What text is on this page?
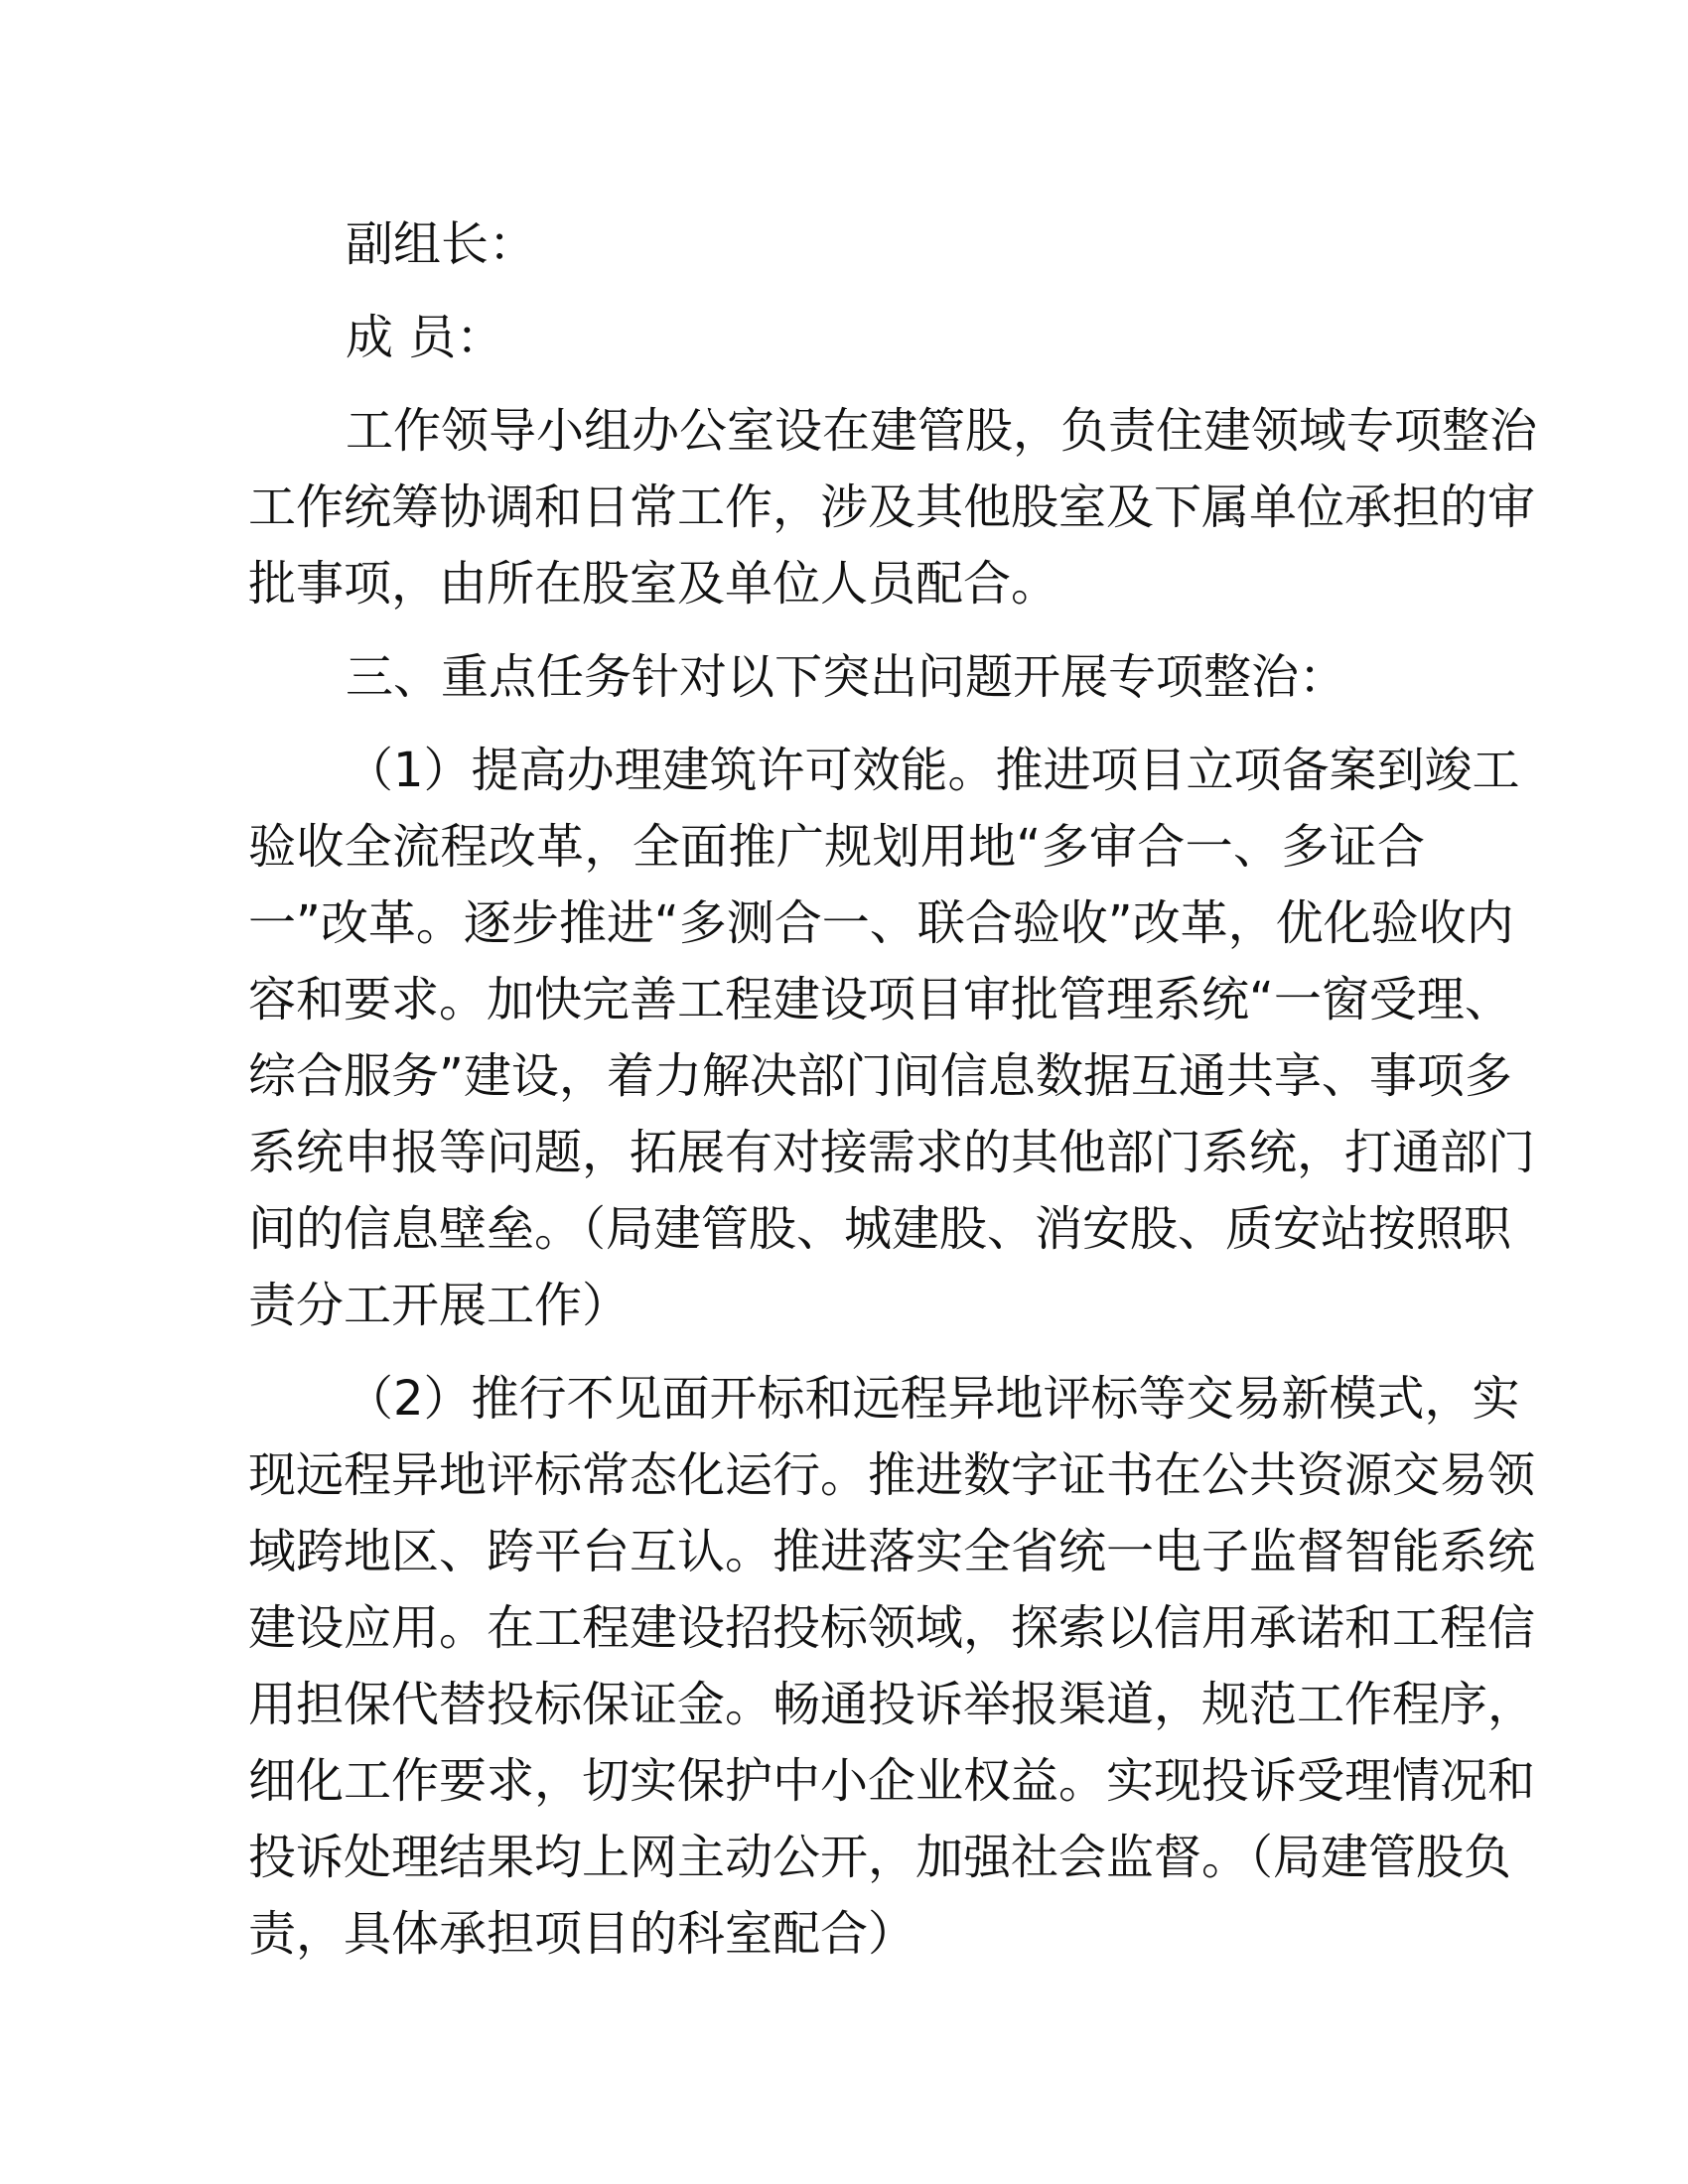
副组长：
成 员：
工作领导小组办公室设在建管股，负责住建领域专项整治
工作统筹协调和日常工作，涉及其他股室及下属单位承担的审
批事项，由所在股室及单位人员配合。
三、重点任务针对以下突出问题开展专项整治：
（1）提高办理建筑许可效能。推进项目立项备案到竣工
验收全流程改革，全面推广规划用地“多审合一、多证合
一”改革。逐步推进“多测合一、联合验收”改革，优化验收内
容和要求。加快完善工程建设项目审批管理系统“一窗受理、
综合服务”建设，着力解决部门间信息数据互通共享、事项多
系统申报等问题，拓展有对接需求的其他部门系统，打通部门
间的信息壁垒。（局建管股、城建股、消安股、质安站按照职
责分工开展工作）
（2）推行不见面开标和远程异地评标等交易新模式，实
现远程异地评标常态化运行。推进数字证书在公共资源交易领
域跨地区、跨平台互认。推进落实全省统一电子监督智能系统
建设应用。在工程建设招投标领域，探索以信用承诺和工程信
用担保代替投标保证金。畅通投诉举报渠道，规范工作程序，
细化工作要求，切实保护中小企业权益。实现投诉受理情况和
投诉处理结果均上网主动公开，加强社会监督。（局建管股负
责，具体承担项目的科室配合）
